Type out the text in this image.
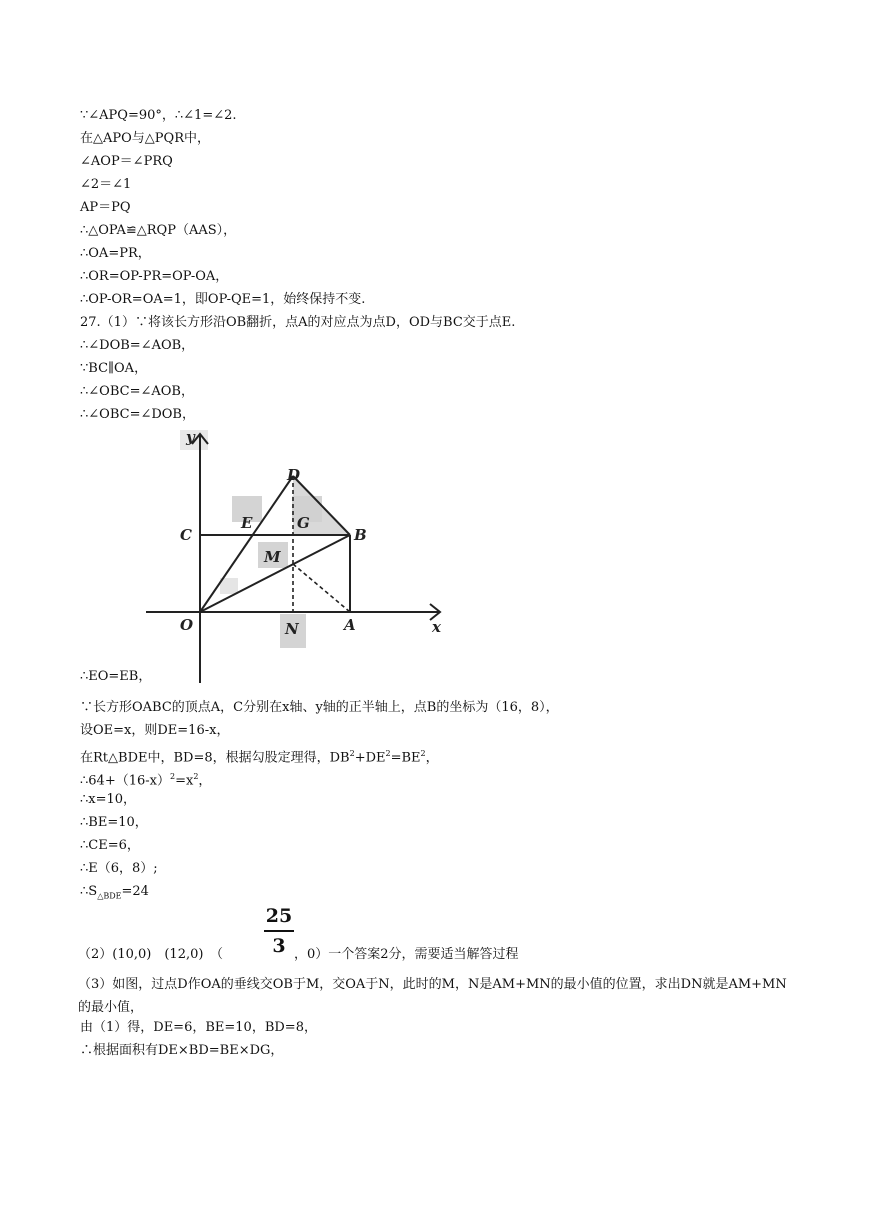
∵∠APQ=90°，∴∠1=∠2.
在△APO与△PQR中，
∠AOP＝∠PRQ
∠2＝∠1
AP＝PQ
∴△OPA≌△RQP（AAS），
∴OA=PR，
∴OR=OP-PR=OP-OA，
∴OP-OR=OA=1，即OP-QE=1，始终保持不变.
27.（1）∵将该长方形沿OB翻折，点A的对应点为点D，OD与BC交于点E.
∴∠DOB=∠AOB，
∵BC∥OA，
∴∠OBC=∠AOB，
∴∠OBC=∠DOB，
y
x
D
C
E	G
B
M
O	N	A
∴EO=EB，
∵长方形OABC的顶点A，C分别在x轴、y轴的正半轴上，点B的坐标为（16，8），
设OE=x，则DE=16-x，
在Rt△BDE中，BD=8，根据勾股定理得，$DB^2+DE^2=BE^2$，
$\therefore 64+(16-x)^2=x^2$，
∴x=10，
∴BE=10，
∴CE=6，
∴E（6，8）;
$\therefore S_{\triangle BDE}=24$
25
3
（2）(10,0)　(12,0)　（	，0）一个答案2分，需要适当解答过程
（3）如图，过点D作OA的垂线交OB于M，交OA于N，此时的M，N是AM+MN的最小值的位置，求出DN就是AM+MN的最小值，
由（1）得，DE=6，BE=10，BD=8，
∴根据面积有DE×BD=BE×DG，
